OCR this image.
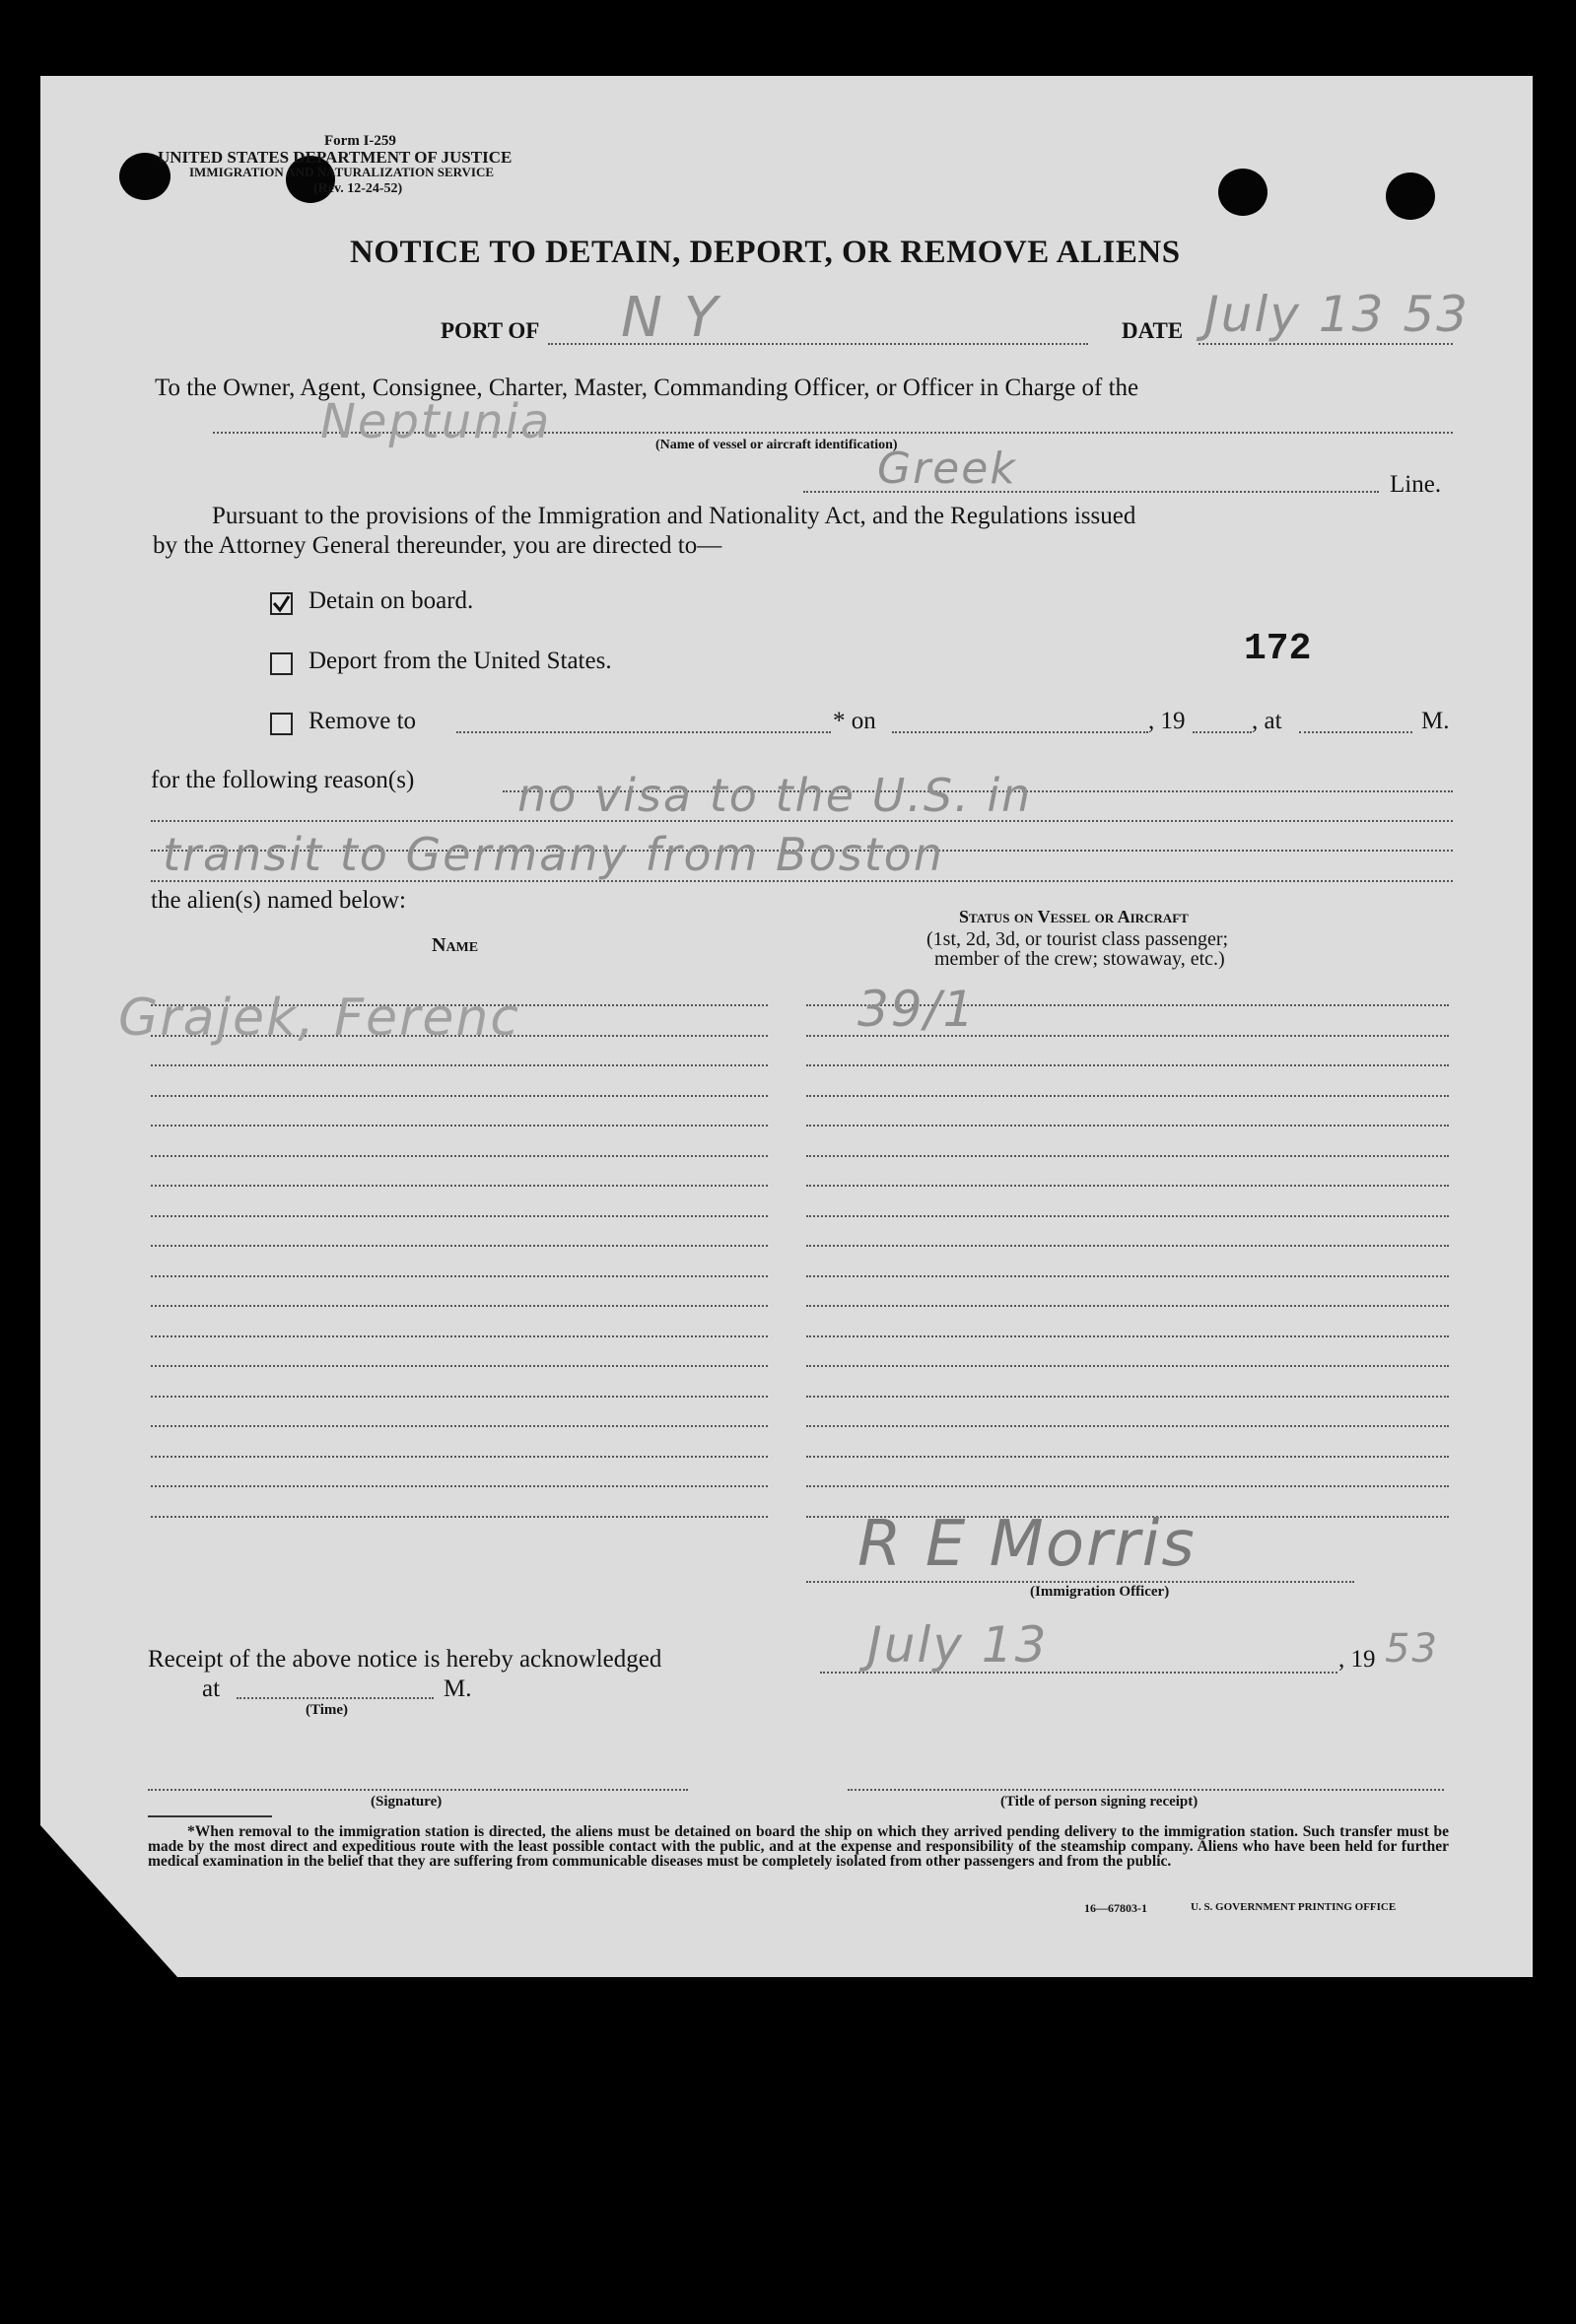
Form I-259
UNITED STATES DEPARTMENT OF JUSTICE
IMMIGRATION AND NATURALIZATION SERVICE
(Rev. 12-24-52)
NOTICE TO DETAIN, DEPORT, OR REMOVE ALIENS
PORT OF N Y	DATE July 13 53
To the Owner, Agent, Consignee, Charter, Master, Commanding Officer, or Officer in Charge of the
Neptunia	(Name of vessel or aircraft identification)
Greek	Line.
Pursuant to the provisions of the Immigration and Nationality Act, and the Regulations issued
by the Attorney General thereunder, you are directed to—
Detain on board.
Deport from the United States.	172
Remove to	* on	, 19	, at	M.
for the following reason(s) no visa to the U.S. in
transit to Germany from Boston
the alien(s) named below:
Name
Status on Vessel or Aircraft
(1st, 2d, 3d, or tourist class passenger;
member of the crew; stowaway, etc.)
Grajek, Ferenc	39/1
R E Morris
(Immigration Officer)
Receipt of the above notice is hereby acknowledged	July 13	, 19 53
at	M.
(Time)
(Signature)	(Title of person signing receipt)
*When removal to the immigration station is directed, the aliens must be detained on board the ship on which they arrived pending delivery to the immigration station. Such transfer must be made by the most direct and expeditious route with the least possible contact with the public, and at the expense and responsibility of the steamship company. Aliens who have been held for further medical examination in the belief that they are suffering from communicable diseases must be completely isolated from other passengers and from the public.
16—67803-1	U. S. GOVERNMENT PRINTING OFFICE
